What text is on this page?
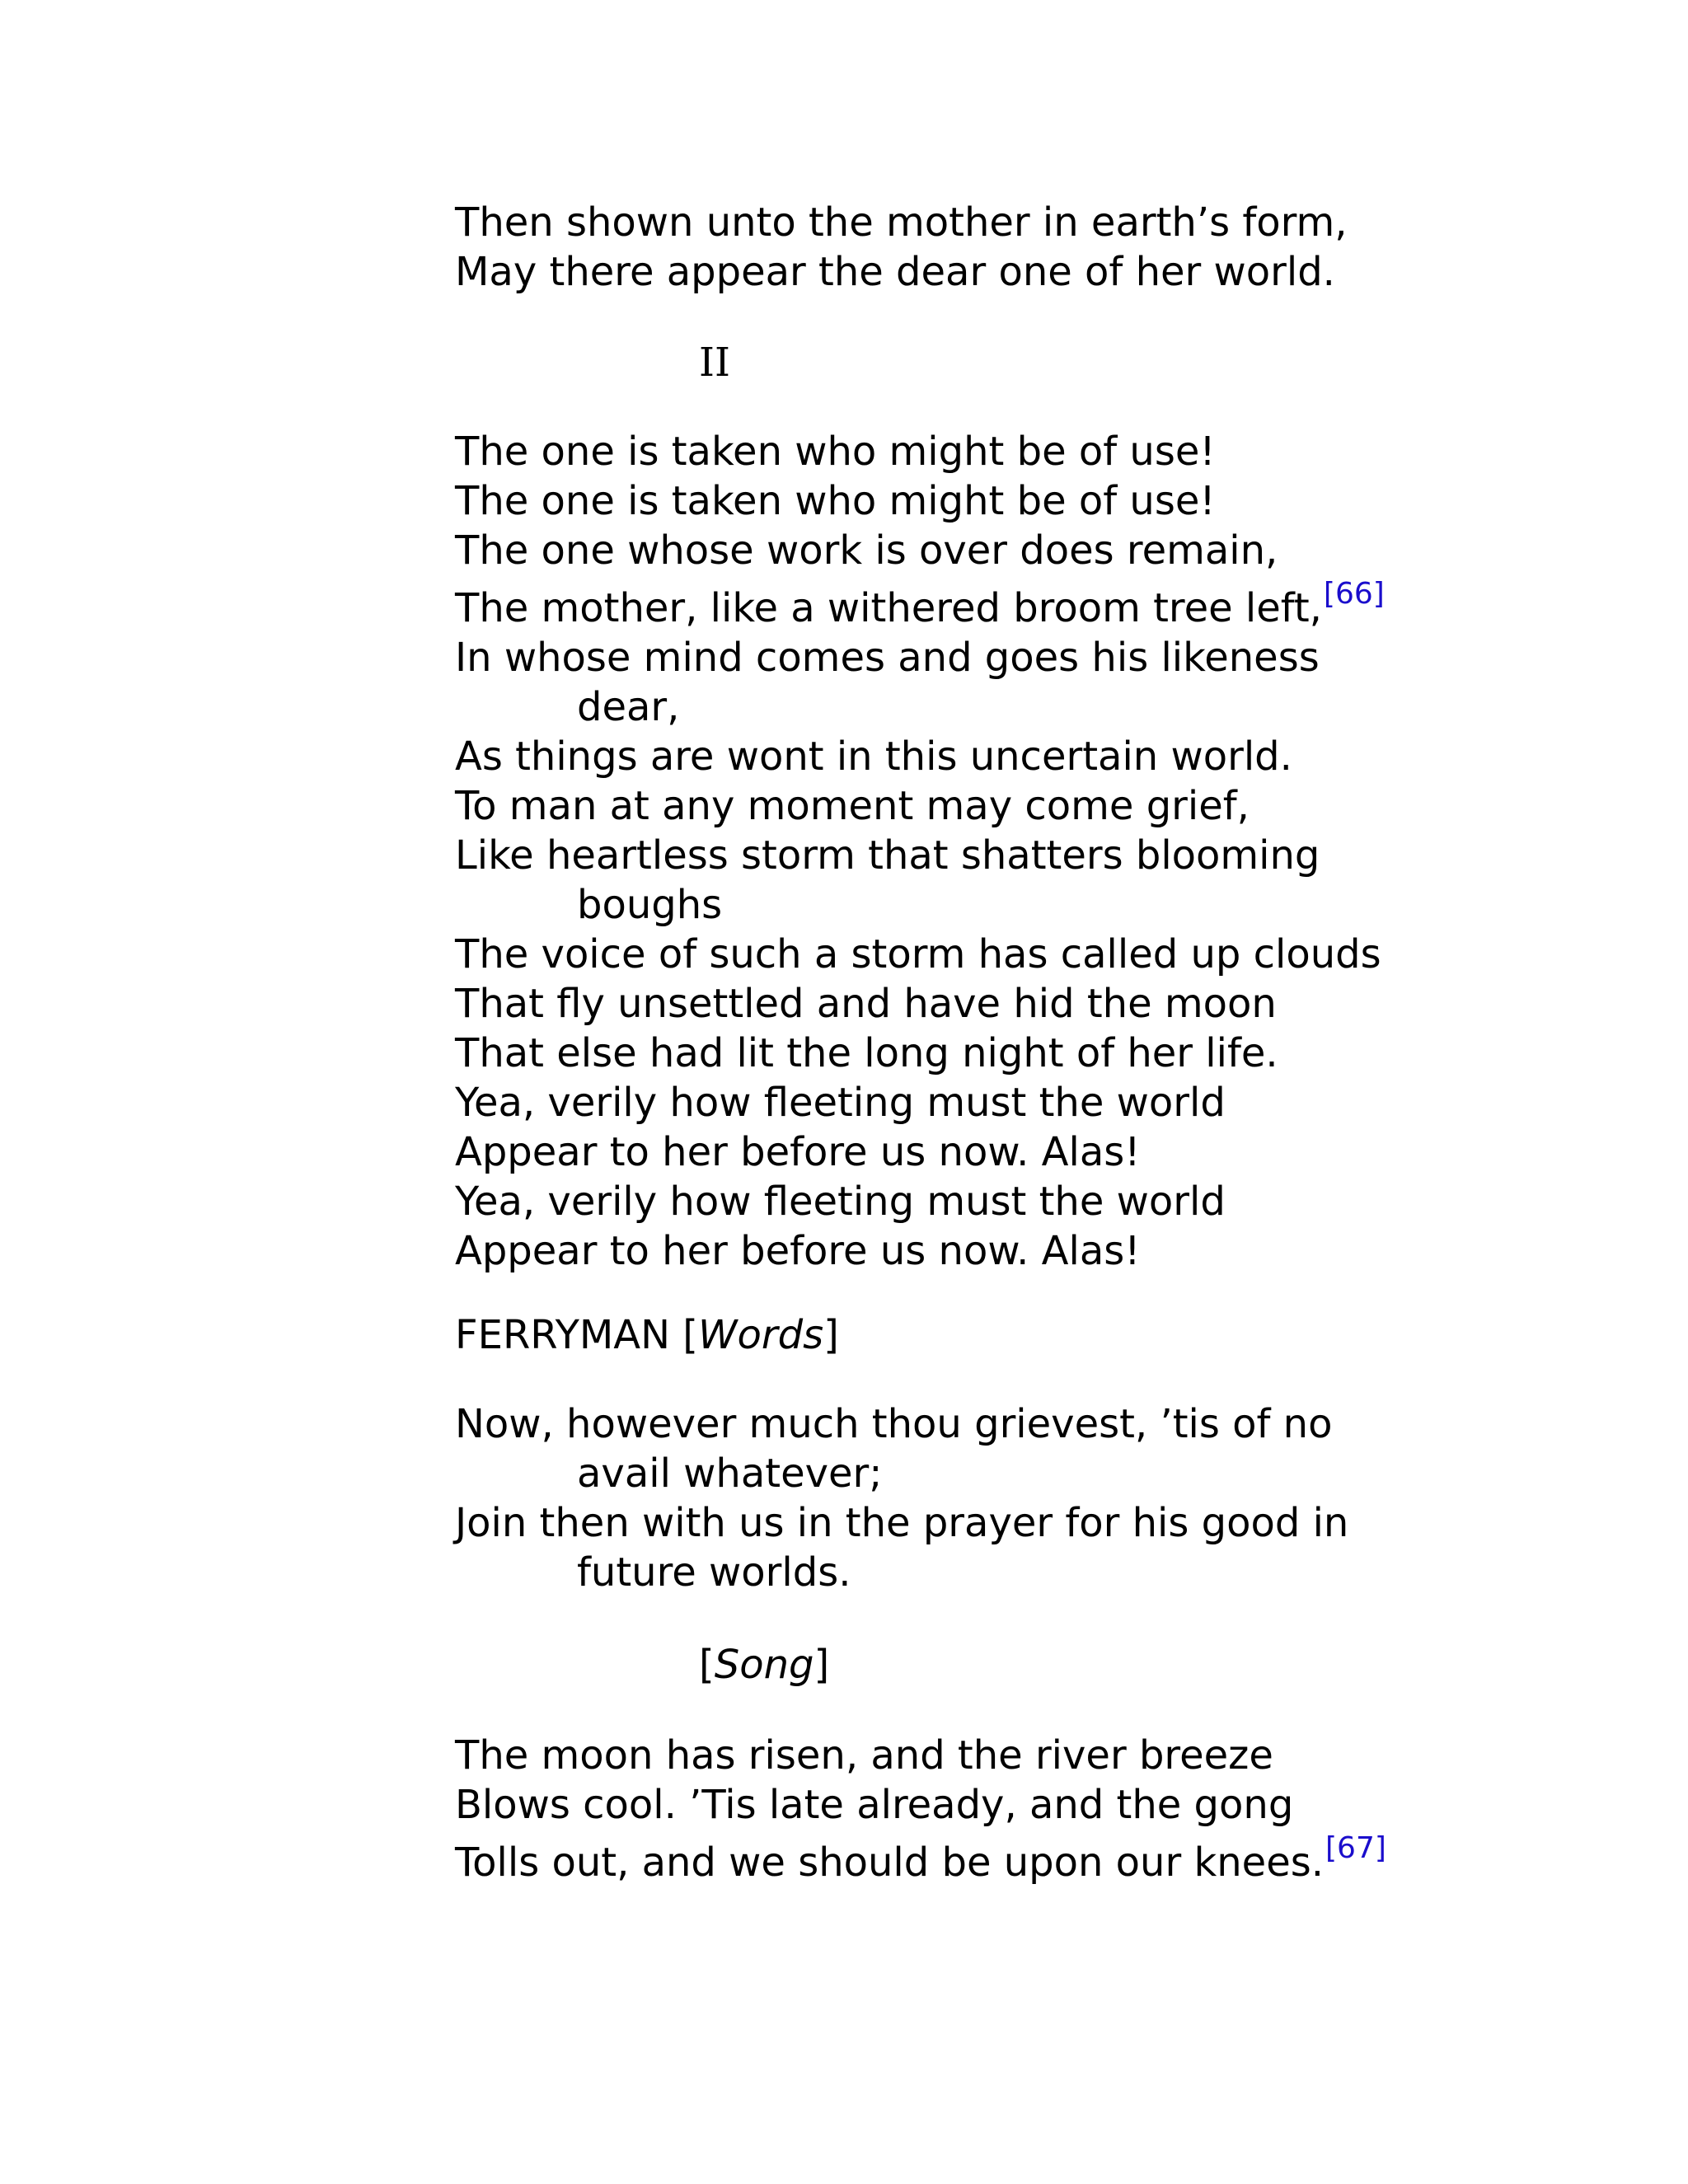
Then shown unto the mother in earth’s form,
May there appear the dear one of her world.
II
The one is taken who might be of use!
The one is taken who might be of use!
The one whose work is over does remain,
The mother, like a withered broom tree left,[66]
In whose mind comes and goes his likeness
dear,
As things are wont in this uncertain world.
To man at any moment may come grief,
Like heartless storm that shatters blooming
boughs
The voice of such a storm has called up clouds
That fly unsettled and have hid the moon
That else had lit the long night of her life.
Yea, verily how fleeting must the world
Appear to her before us now. Alas!
Yea, verily how fleeting must the world
Appear to her before us now. Alas!
FERRYMAN [Words]
Now, however much thou grievest, ’tis of no
avail whatever;
Join then with us in the prayer for his good in
future worlds.
[Song]
The moon has risen, and the river breeze
Blows cool. ’Tis late already, and the gong
Tolls out, and we should be upon our knees.[67]
